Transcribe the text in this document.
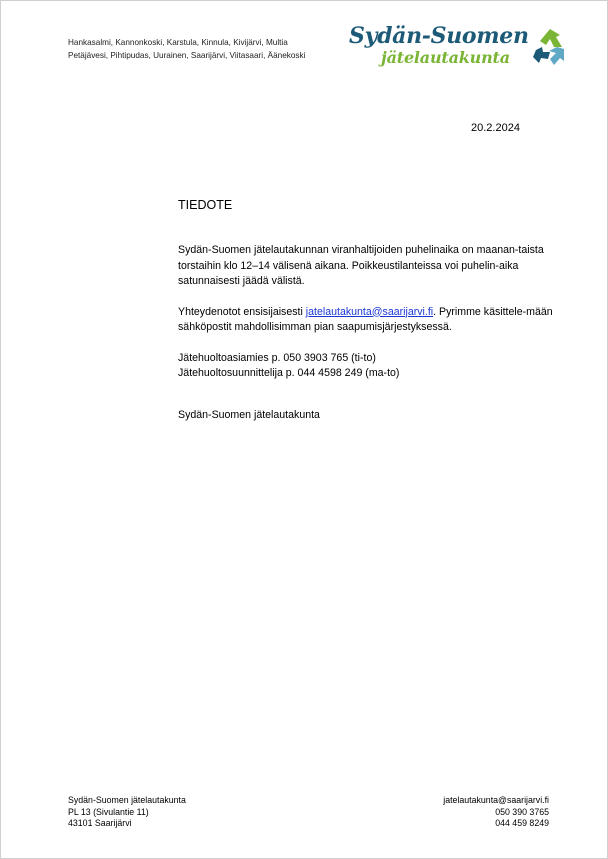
Hankasalmi, Kannonkoski, Karstula, Kinnula, Kivijärvi, Multia
Petäjävesi, Pihtipudas, Uurainen, Saarijärvi, Viitasaari, Äänekoski
Sydän-Suomen
jätelautakunta
20.2.2024
TIEDOTE

Sydän-Suomen jätelautakunnan viranhaltijoiden puhelinaika on maanan-taista torstaihin klo 12–14 välisenä aikana. Poikkeustilanteissa voi puhelin-aika satunnaisesti jäädä välistä.

Yhteydenotot ensisijaisesti jatelautakunta@saarijarvi.fi. Pyrimme käsittele-mään sähköpostit mahdollisimman pian saapumisjärjestyksessä.

Jätehuoltoasiamies p. 050 3903 765 (ti-to)
Jätehuoltosuunnittelija p. 044 4598 249 (ma-to)

Sydän-Suomen jätelautakunta
Sydän-Suomen jätelautakunta
PL 13 (Sivulantie 11)
43101 Saarijärvi
jatelautakunta@saarijarvi.fi
050 390 3765
044 459 8249
